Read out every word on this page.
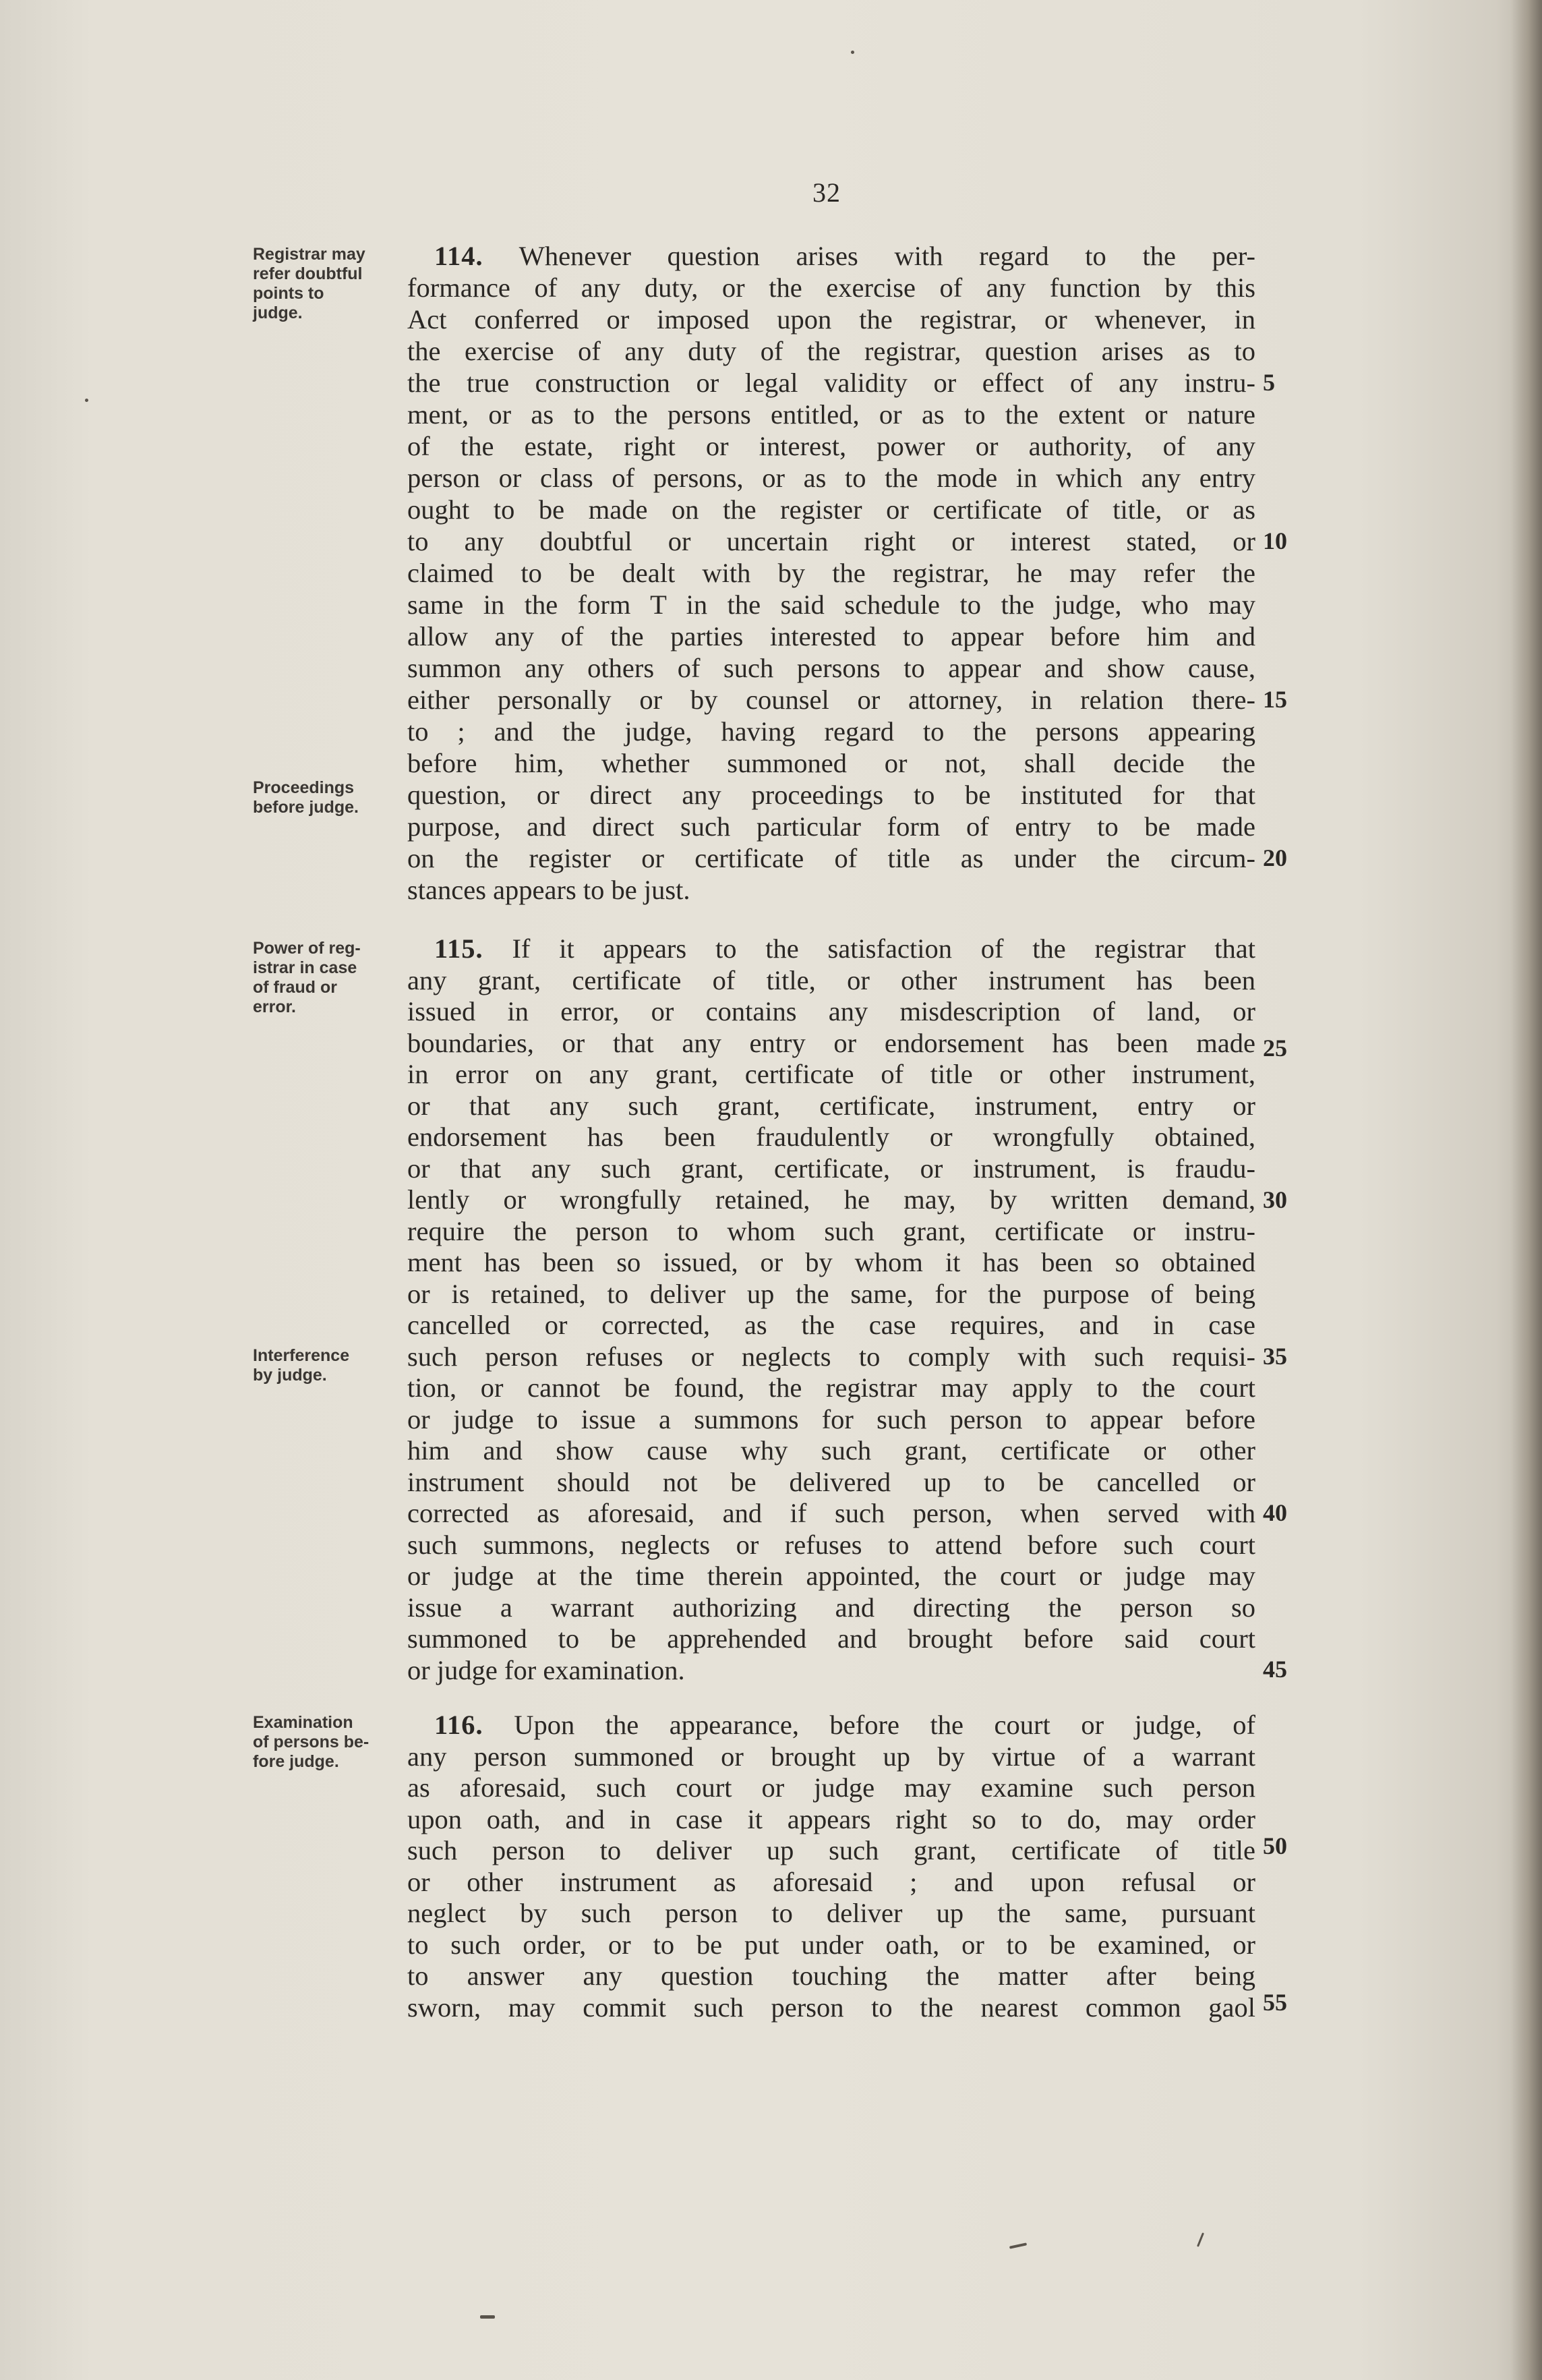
32
Registrar may
refer doubtful
points to
judge.
Proceedings
before judge.
Power of reg-
istrar in case
of fraud or
error.
Interference
by judge.
Examination
of persons be-
fore judge.
114. Whenever question arises with regard to the per-
formance of any duty, or the exercise of any function by this
Act conferred or imposed upon the registrar, or whenever, in
the exercise of any duty of the registrar, question arises as to
the true construction or legal validity or effect of any instru-
ment, or as to the persons entitled, or as to the extent or nature
of the estate, right or interest, power or authority, of any
person or class of persons, or as to the mode in which any entry
ought to be made on the register or certificate of title, or as
to any doubtful or uncertain right or interest stated, or
claimed to be dealt with by the registrar, he may refer the
same in the form T in the said schedule to the judge, who may
allow any of the parties interested to appear before him and
summon any others of such persons to appear and show cause,
either personally or by counsel or attorney, in relation there-
to ; and the judge, having regard to the persons appearing
before him, whether summoned or not, shall decide the
question, or direct any proceedings to be instituted for that
purpose, and direct such particular form of entry to be made
on the register or certificate of title as under the circum-
stances appears to be just.
115. If it appears to the satisfaction of the registrar that
any grant, certificate of title, or other instrument has been
issued in error, or contains any misdescription of land, or
boundaries, or that any entry or endorsement has been made
in error on any grant, certificate of title or other instrument,
or that any such grant, certificate, instrument, entry or
endorsement has been fraudulently or wrongfully obtained,
or that any such grant, certificate, or instrument, is fraudu-
lently or wrongfully retained, he may, by written demand,
require the person to whom such grant, certificate or instru-
ment has been so issued, or by whom it has been so obtained
or is retained, to deliver up the same, for the purpose of being
cancelled or corrected, as the case requires, and in case
such person refuses or neglects to comply with such requisi-
tion, or cannot be found, the registrar may apply to the court
or judge to issue a summons for such person to appear before
him and show cause why such grant, certificate or other
instrument should not be delivered up to be cancelled or
corrected as aforesaid, and if such person, when served with
such summons, neglects or refuses to attend before such court
or judge at the time therein appointed, the court or judge may
issue a warrant authorizing and directing the person so
summoned to be apprehended and brought before said court
or judge for examination.
116. Upon the appearance, before the court or judge, of
any person summoned or brought up by virtue of a warrant
as aforesaid, such court or judge may examine such person
upon oath, and in case it appears right so to do, may order
such person to deliver up such grant, certificate of title
or other instrument as aforesaid ; and upon refusal or
neglect by such person to deliver up the same, pursuant
to such order, or to be put under oath, or to be examined, or
to answer any question touching the matter after being
sworn, may commit such person to the nearest common gaol
5
10
15
20
25
30
35
40
45
50
55
